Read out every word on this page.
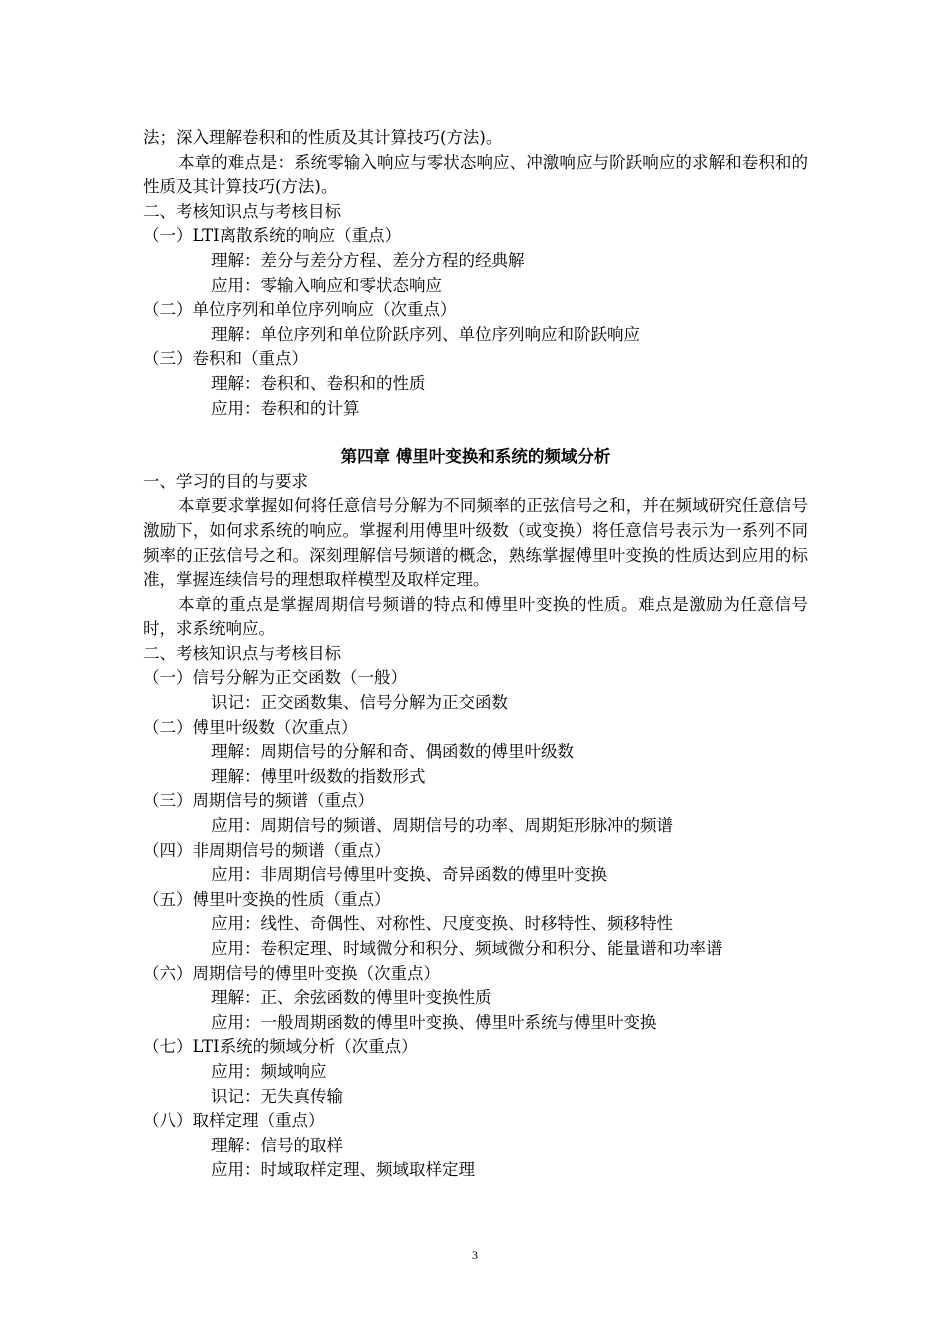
法；深入理解卷积和的性质及其计算技巧(方法)。
本章的难点是：系统零输入响应与零状态响应、冲激响应与阶跃响应的求解和卷积和的性质及其计算技巧(方法)。
二、考核知识点与考核目标
（一）LTI离散系统的响应（重点）
理解：差分与差分方程、差分方程的经典解
应用：零输入响应和零状态响应
（二）单位序列和单位序列响应（次重点）
理解：单位序列和单位阶跃序列、单位序列响应和阶跃响应
（三）卷积和（重点）
理解：卷积和、卷积和的性质
应用：卷积和的计算
第四章 傅里叶变换和系统的频域分析
一、学习的目的与要求
本章要求掌握如何将任意信号分解为不同频率的正弦信号之和，并在频域研究任意信号激励下，如何求系统的响应。掌握利用傅里叶级数（或变换）将任意信号表示为一系列不同频率的正弦信号之和。深刻理解信号频谱的概念，熟练掌握傅里叶变换的性质达到应用的标准，掌握连续信号的理想取样模型及取样定理。
本章的重点是掌握周期信号频谱的特点和傅里叶变换的性质。难点是激励为任意信号时，求系统响应。
二、考核知识点与考核目标
（一）信号分解为正交函数（一般）
识记：正交函数集、信号分解为正交函数
（二）傅里叶级数（次重点）
理解：周期信号的分解和奇、偶函数的傅里叶级数
理解：傅里叶级数的指数形式
（三）周期信号的频谱（重点）
应用：周期信号的频谱、周期信号的功率、周期矩形脉冲的频谱
（四）非周期信号的频谱（重点）
应用：非周期信号傅里叶变换、奇异函数的傅里叶变换
（五）傅里叶变换的性质（重点）
应用：线性、奇偶性、对称性、尺度变换、时移特性、频移特性
应用：卷积定理、时域微分和积分、频域微分和积分、能量谱和功率谱
（六）周期信号的傅里叶变换（次重点）
理解：正、余弦函数的傅里叶变换性质
应用：一般周期函数的傅里叶变换、傅里叶系统与傅里叶变换
（七）LTI系统的频域分析（次重点）
应用：频域响应
识记：无失真传输
（八）取样定理（重点）
理解：信号的取样
应用：时域取样定理、频域取样定理
3
